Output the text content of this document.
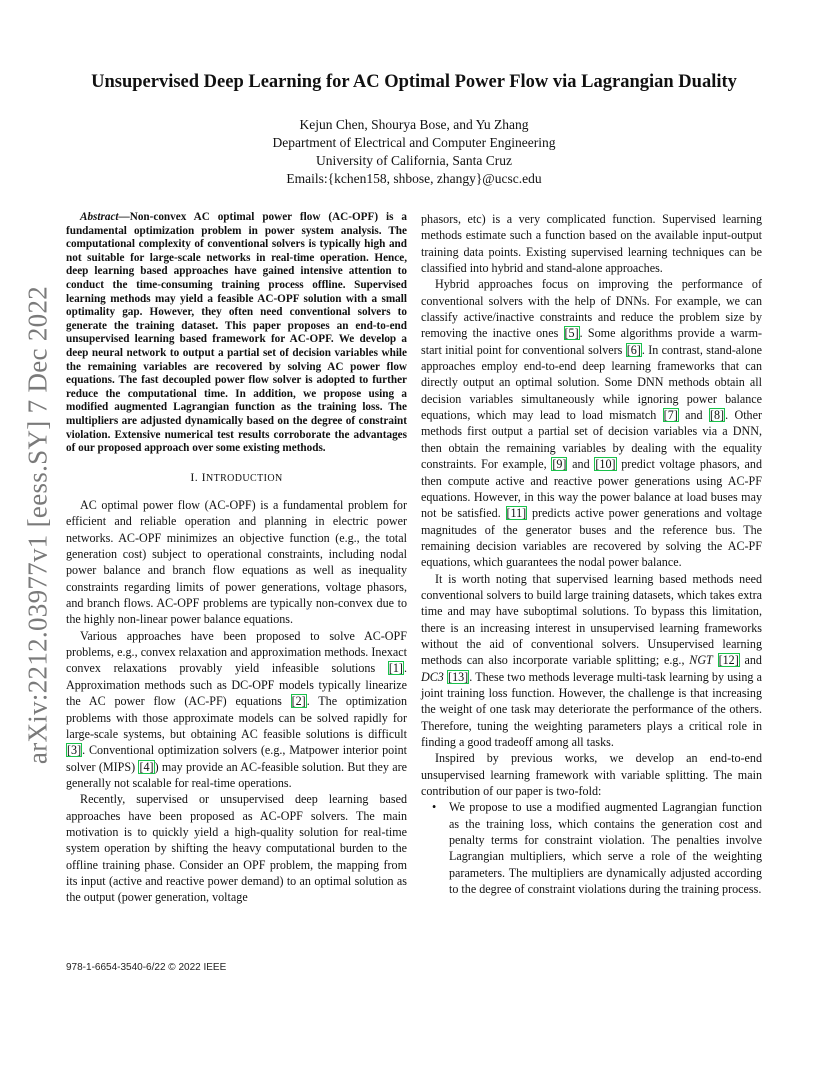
arXiv:2212.03977v1 [eess.SY] 7 Dec 2022
Unsupervised Deep Learning for AC Optimal Power Flow via Lagrangian Duality
Kejun Chen, Shourya Bose, and Yu Zhang
Department of Electrical and Computer Engineering
University of California, Santa Cruz
Emails:{kchen158, shbose, zhangy}@ucsc.edu

Abstract—Non-convex AC optimal power flow (AC-OPF) is a fundamental optimization problem in power system analysis. The computational complexity of conventional solvers is typically high and not suitable for large-scale networks in real-time operation. Hence, deep learning based approaches have gained intensive attention to conduct the time-consuming training process offline. Supervised learning methods may yield a feasible AC-OPF solution with a small optimality gap. However, they often need conventional solvers to generate the training dataset. This paper proposes an end-to-end unsupervised learning based framework for AC-OPF. We develop a deep neural network to output a partial set of decision variables while the remaining variables are recovered by solving AC power flow equations. The fast decoupled power flow solver is adopted to further reduce the computational time. In addition, we propose using a modified augmented Lagrangian function as the training loss. The multipliers are adjusted dynamically based on the degree of constraint violation. Extensive numerical test results corroborate the advantages of our proposed approach over some existing methods.

I. INTRODUCTION

AC optimal power flow (AC-OPF) is a fundamental problem for efficient and reliable operation and planning in electric power networks. AC-OPF minimizes an objective function (e.g., the total generation cost) subject to operational constraints, including nodal power balance and branch flow equations as well as inequality constraints regarding limits of power generations, voltage phasors, and branch flows. AC-OPF problems are typically non-convex due to the highly non-linear power balance equations.

Various approaches have been proposed to solve AC-OPF problems, e.g., convex relaxation and approximation methods. Inexact convex relaxations provably yield infeasible solutions [1]. Approximation methods such as DC-OPF models typically linearize the AC power flow (AC-PF) equations [2]. The optimization problems with those approximate models can be solved rapidly for large-scale systems, but obtaining AC feasible solutions is difficult [3]. Conventional optimization solvers (e.g., Matpower interior point solver (MIPS) [4]) may provide an AC-feasible solution. But they are generally not scalable for real-time operations.

Recently, supervised or unsupervised deep learning based approaches have been proposed as AC-OPF solvers. The main motivation is to quickly yield a high-quality solution for real-time system operation by shifting the heavy computational burden to the offline training phase. Consider an OPF problem, the mapping from its input (active and reactive power demand) to an optimal solution as the output (power generation, voltage

phasors, etc) is a very complicated function. Supervised learning methods estimate such a function based on the available input-output training data points. Existing supervised learning techniques can be classified into hybrid and stand-alone approaches.

Hybrid approaches focus on improving the performance of conventional solvers with the help of DNNs. For example, we can classify active/inactive constraints and reduce the problem size by removing the inactive ones [5]. Some algorithms provide a warm-start initial point for conventional solvers [6]. In contrast, stand-alone approaches employ end-to-end deep learning frameworks that can directly output an optimal solution. Some DNN methods obtain all decision variables simultaneously while ignoring power balance equations, which may lead to load mismatch [7] and [8]. Other methods first output a partial set of decision variables via a DNN, then obtain the remaining variables by dealing with the equality constraints. For example, [9] and [10] predict voltage phasors, and then compute active and reactive power generations using AC-PF equations. However, in this way the power balance at load buses may not be satisfied. [11] predicts active power generations and voltage magnitudes of the generator buses and the reference bus. The remaining decision variables are recovered by solving the AC-PF equations, which guarantees the nodal power balance.

It is worth noting that supervised learning based methods need conventional solvers to build large training datasets, which takes extra time and may have suboptimal solutions. To bypass this limitation, there is an increasing interest in unsupervised learning frameworks without the aid of conventional solvers. Unsupervised learning methods can also incorporate variable splitting; e.g., NGT [12] and DC3 [13]. These two methods leverage multi-task learning by using a joint training loss function. However, the challenge is that increasing the weight of one task may deteriorate the performance of the others. Therefore, tuning the weighting parameters plays a critical role in finding a good tradeoff among all tasks.

Inspired by previous works, we develop an end-to-end unsupervised learning framework with variable splitting. The main contribution of our paper is two-fold:

• We propose to use a modified augmented Lagrangian function as the training loss, which contains the generation cost and penalty terms for constraint violation. The penalties involve Lagrangian multipliers, which serve a role of the weighting parameters. The multipliers are dynamically adjusted according to the degree of constraint violations during the training process.

978-1-6654-3540-6/22 © 2022 IEEE
